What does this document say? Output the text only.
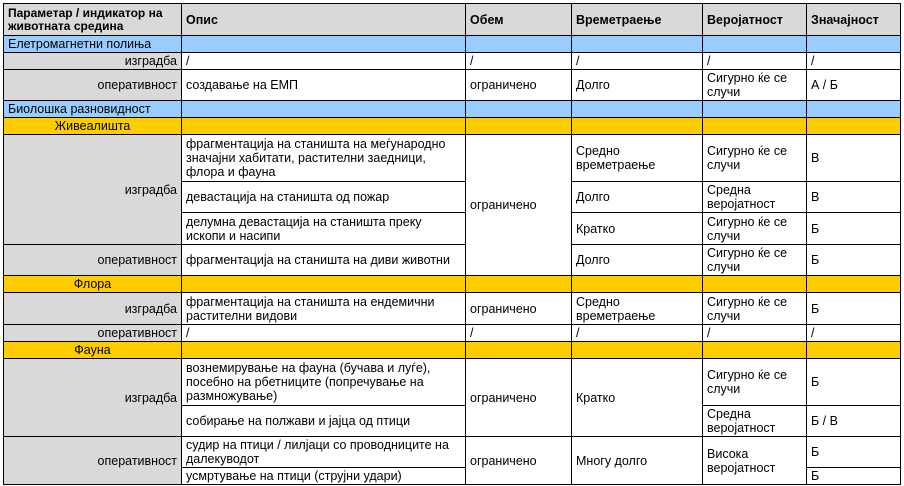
Параметар / индикатор на животната средина	Опис	Обем	Времетраење	Веројатност	Значајност
Елетромагнетни полиња					
изградба	/	/	/	/	/
оперативност	создавање на ЕМП	ограничено	Долго	Сигурно ќе се случи	А / Б
Биолошка разновидност					
Живеалишта					
изградба	фрагментација на станишта на меѓународно значајни хабитати, растителни заедници, флора и фауна	ограничено	Средно времетраење	Сигурно ќе се случи	В
	девастација на станишта од пожар		Долго	Средна веројатност	В
	делумна девастација на станишта преку ископи и насипи		Кратко	Сигурно ќе се случи	Б
оперативност	фрагментација на станишта на диви животни		Долго	Сигурно ќе се случи	Б
Флора					
изградба	фрагментација на станишта на ендемични растителни видови	ограничено	Средно времетраење	Сигурно ќе се случи	Б
оперативност	/	/	/	/	/
Фауна					
изградба	вознемирување на фауна (бучава и луѓе), посебно на рбетниците (попречување на размножување)	ограничено	Кратко	Сигурно ќе се случи	Б
	собирање на полжави и јајца од птици			Средна веројатност	Б / В
оперативност	судир на птици / лилјаци со проводниците на далекуводот	ограничено	Многу долго	Висока веројатност	Б
	усмртување на птици (струјни удари)				Б
